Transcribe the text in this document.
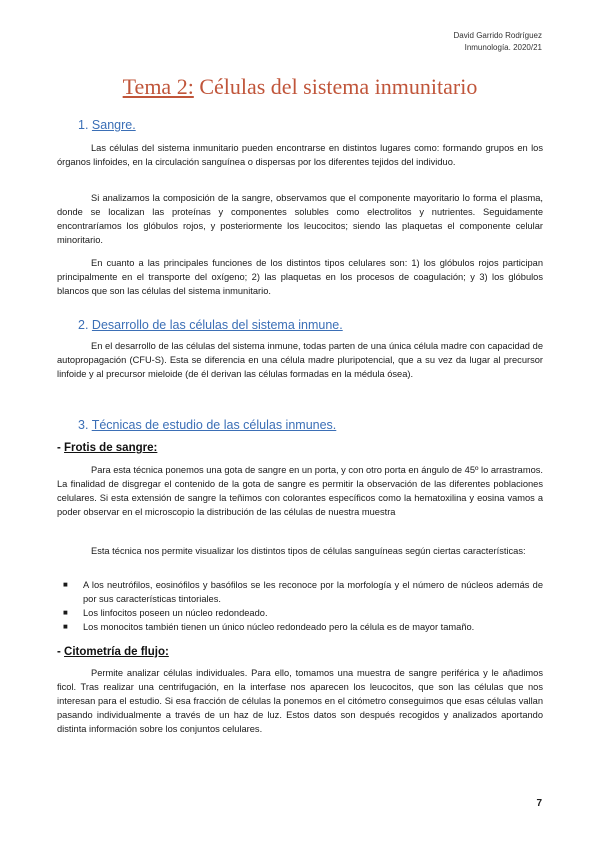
David Garrido Rodríguez
Inmunología. 2020/21
Tema 2: Células del sistema inmunitario
1. Sangre.
Las células del sistema inmunitario pueden encontrarse en distintos lugares como: formando grupos en los órganos linfoides, en la circulación sanguínea o dispersas por los diferentes tejidos del individuo.
Si analizamos la composición de la sangre, observamos que el componente mayoritario lo forma el plasma, donde se localizan las proteínas y componentes solubles como electrolitos y nutrientes. Seguidamente encontraríamos los glóbulos rojos, y posteriormente los leucocitos; siendo las plaquetas el componente celular minoritario.
En cuanto a las principales funciones de los distintos tipos celulares son: 1) los glóbulos rojos participan principalmente en el transporte del oxígeno; 2) las plaquetas en los procesos de coagulación; y 3) los glóbulos blancos que son las células del sistema inmunitario.
2. Desarrollo de las células del sistema inmune.
En el desarrollo de las células del sistema inmune, todas parten de una única célula madre con capacidad de autopropagación (CFU-S). Esta se diferencia en una célula madre pluripotencial, que a su vez da lugar al precursor linfoide y al precursor mieloide (de él derivan las células formadas en la médula ósea).
3. Técnicas de estudio de las células inmunes.
- Frotis de sangre:
Para esta técnica ponemos una gota de sangre en un porta, y con otro porta en ángulo de 45º lo arrastramos. La finalidad de disgregar el contenido de la gota de sangre es permitir la observación de las diferentes poblaciones celulares. Si esta extensión de sangre la teñimos con colorantes específicos como la hematoxilina y eosina vamos a poder observar en el microscopio la distribución de las células de nuestra muestra
Esta técnica nos permite visualizar los distintos tipos de células sanguíneas según ciertas características:
■ A los neutrófilos, eosinófilos y basófilos se les reconoce por la morfología y el número de núcleos además de por sus características tintoriales.
■ Los linfocitos poseen un núcleo redondeado.
■ Los monocitos también tienen un único núcleo redondeado pero la célula es de mayor tamaño.
- Citometría de flujo:
Permite analizar células individuales. Para ello, tomamos una muestra de sangre periférica y le añadimos ficol. Tras realizar una centrifugación, en la interfase nos aparecen los leucocitos, que son las células que nos interesan para el estudio. Si esa fracción de células la ponemos en el citómetro conseguimos que esas células vallan pasando individualmente a través de un haz de luz. Estos datos son después recogidos y analizados aportando distinta información sobre los conjuntos celulares.
7
